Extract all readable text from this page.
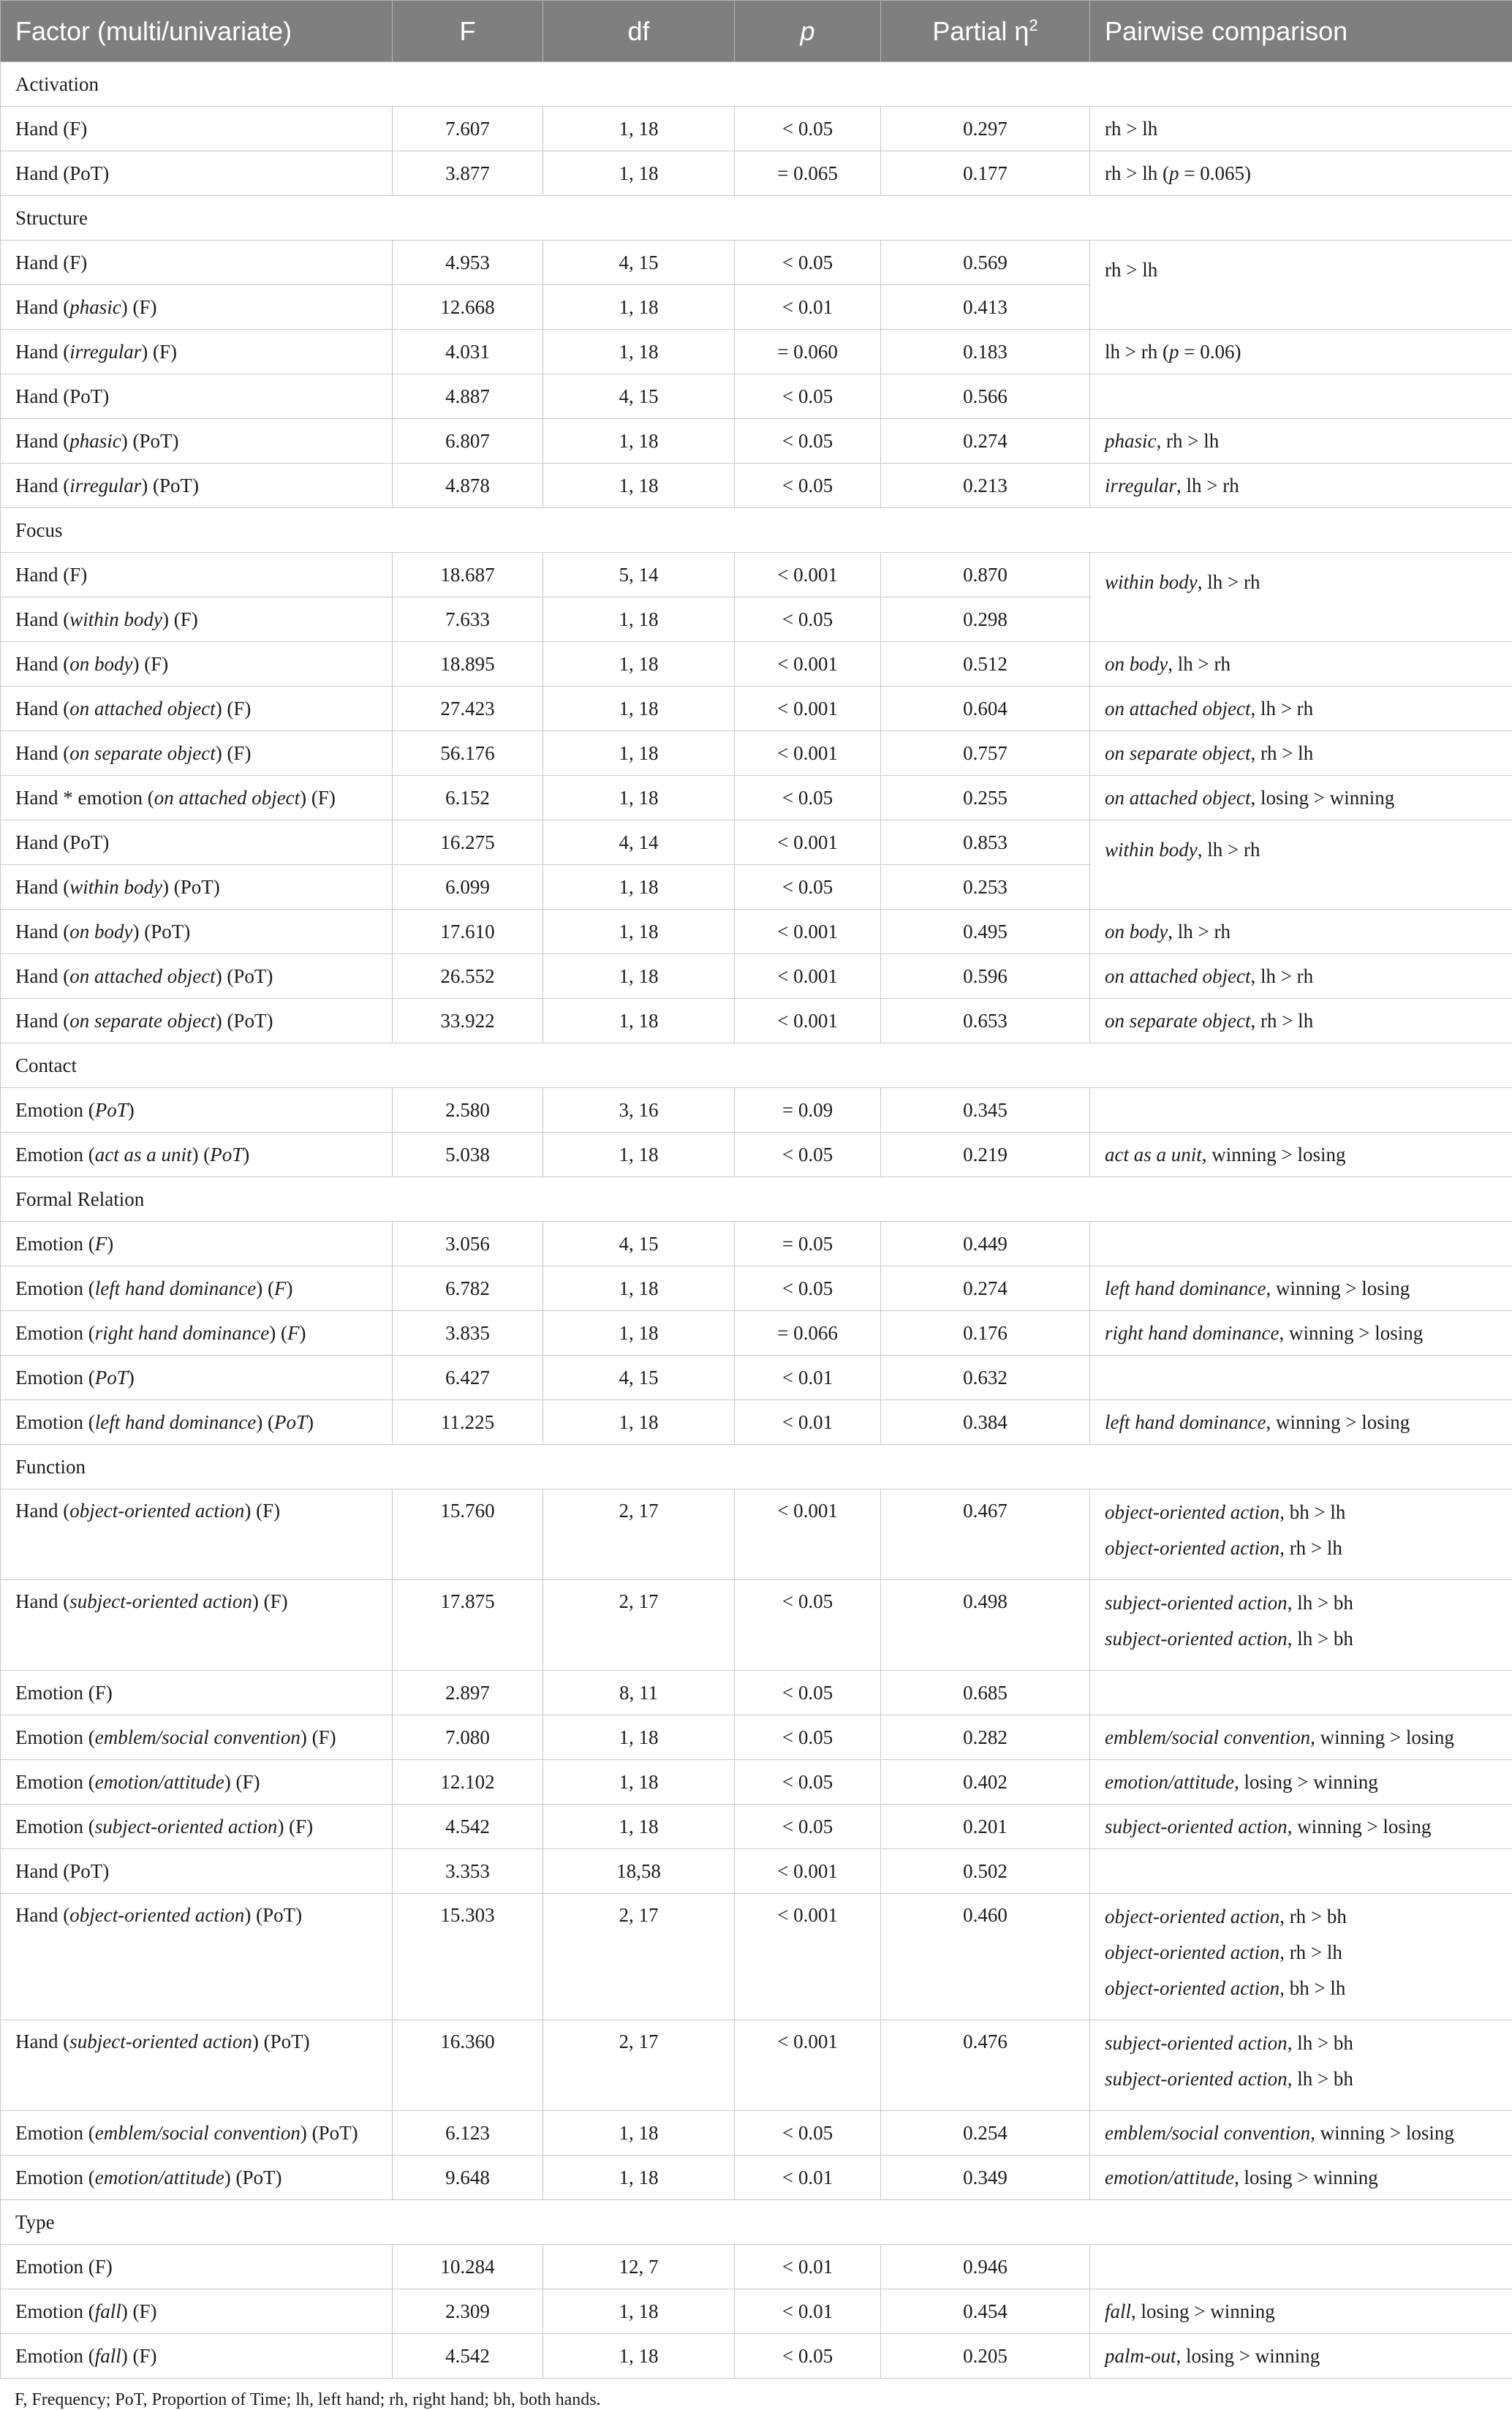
Factor (multi/univariate)	F	df	p	Partial $\eta^2$	Pairwise comparison
Activation					
Hand (F)	7.607	1, 18	< 0.05	0.297	rh > lh

Hand (PoT)	3.877	1, 18	= 0.065	0.177	rh > lh (p = 0.065)

Structure					
Hand (F)	4.953	4, 15	< 0.05	0.569	rh > lh

Hand (phasic) (F)	12.668	1, 18	< 0.01	0.413	
Hand (irregular) (F)	4.031	1, 18	= 0.060	0.183	lh > rh (p = 0.06)

Hand (PoT)	4.887	4, 15	< 0.05	0.566	
Hand (phasic) (PoT)	6.807	1, 18	< 0.05	0.274	phasic, rh > lh

Hand (irregular) (PoT)	4.878	1, 18	< 0.05	0.213	irregular, lh > rh

Focus					
Hand (F)	18.687	5, 14	< 0.001	0.870	within body, lh > rh

Hand (within body) (F)	7.633	1, 18	< 0.05	0.298	
Hand (on body) (F)	18.895	1, 18	< 0.001	0.512	on body, lh > rh

Hand (on attached object) (F)	27.423	1, 18	< 0.001	0.604	on attached object, lh > rh

Hand (on separate object) (F)	56.176	1, 18	< 0.001	0.757	on separate object, rh > lh

Hand * emotion (on attached object) (F)	6.152	1, 18	< 0.05	0.255	on attached object, losing > winning

Hand (PoT)	16.275	4, 14	< 0.001	0.853	within body, lh > rh

Hand (within body) (PoT)	6.099	1, 18	< 0.05	0.253	
Hand (on body) (PoT)	17.610	1, 18	< 0.001	0.495	on body, lh > rh

Hand (on attached object) (PoT)	26.552	1, 18	< 0.001	0.596	on attached object, lh > rh

Hand (on separate object) (PoT)	33.922	1, 18	< 0.001	0.653	on separate object, rh > lh

Contact					
Emotion (PoT)	2.580	3, 16	= 0.09	0.345	
Emotion (act as a unit) (PoT)	5.038	1, 18	< 0.05	0.219	act as a unit, winning > losing

Formal Relation					
Emotion (F)	3.056	4, 15	= 0.05	0.449	
Emotion (left hand dominance) (F)	6.782	1, 18	< 0.05	0.274	left hand dominance, winning > losing

Emotion (right hand dominance) (F)	3.835	1, 18	= 0.066	0.176	right hand dominance, winning > losing

Emotion (PoT)	6.427	4, 15	< 0.01	0.632	
Emotion (left hand dominance) (PoT)	11.225	1, 18	< 0.01	0.384	left hand dominance, winning > losing

Function					
Hand (object-oriented action) (F)	15.760	2, 17	< 0.001	0.467	object-oriented action, bh > lh
object-oriented action, rh > lh

Hand (subject-oriented action) (F)	17.875	2, 17	< 0.05	0.498	subject-oriented action, lh > bh
subject-oriented action, lh > bh

Emotion (F)	2.897	8, 11	< 0.05	0.685	
Emotion (emblem/social convention) (F)	7.080	1, 18	< 0.05	0.282	emblem/social convention, winning > losing

Emotion (emotion/attitude) (F)	12.102	1, 18	< 0.05	0.402	emotion/attitude, losing > winning

Emotion (subject-oriented action) (F)	4.542	1, 18	< 0.05	0.201	subject-oriented action, winning > losing

Hand (PoT)	3.353	18,58	< 0.001	0.502	
Hand (object-oriented action) (PoT)	15.303	2, 17	< 0.001	0.460	object-oriented action, rh > bh
object-oriented action, rh > lh
object-oriented action, bh > lh

Hand (subject-oriented action) (PoT)	16.360	2, 17	< 0.001	0.476	subject-oriented action, lh > bh
subject-oriented action, lh > bh

Emotion (emblem/social convention) (PoT)	6.123	1, 18	< 0.05	0.254	emblem/social convention, winning > losing

Emotion (emotion/attitude) (PoT)	9.648	1, 18	< 0.01	0.349	emotion/attitude, losing > winning

Type					
Emotion (F)	10.284	12, 7	< 0.01	0.946	
Emotion (fall) (F)	2.309	1, 18	< 0.01	0.454	fall, losing > winning

Emotion (fall) (F)	4.542	1, 18	< 0.05	0.205	palm-out, losing > winning
F, Frequency; PoT, Proportion of Time; lh, left hand; rh, right hand; bh, both hands.
